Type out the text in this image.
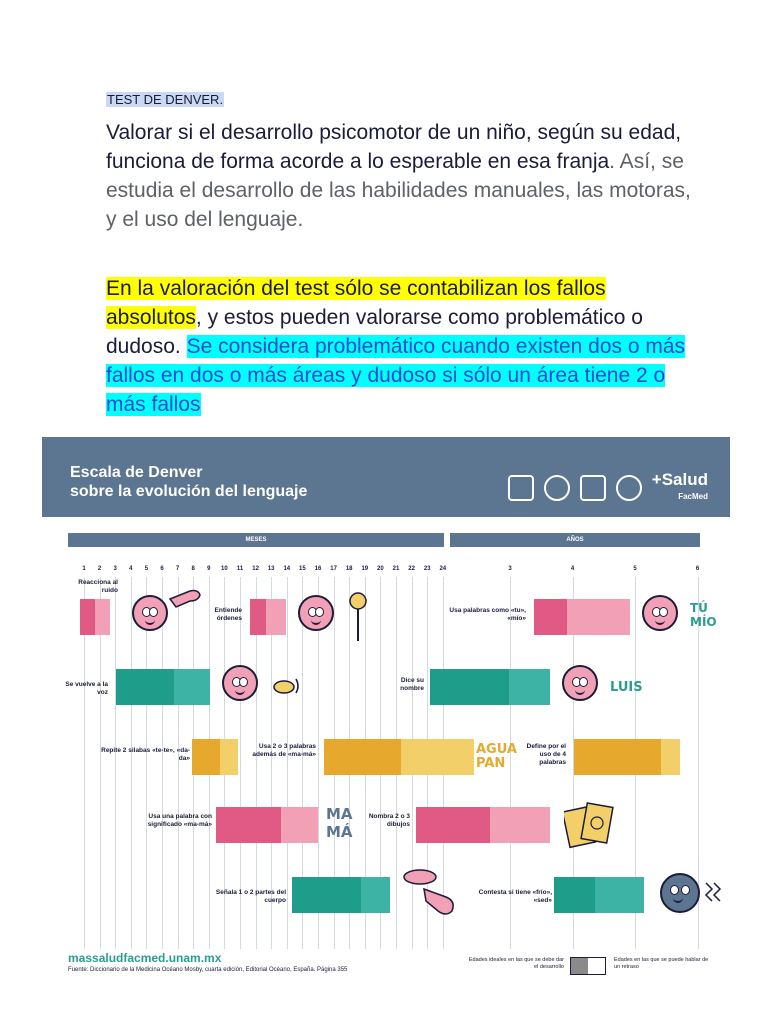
TEST DE DENVER.
Valorar si el desarrollo psicomotor de un niño, según su edad, funciona de forma acorde a lo esperable en esa franja. Así, se estudia el desarrollo de las habilidades manuales, las motoras, y el uso del lenguaje.
En la valoración del test sólo se contabilizan los fallos absolutos, y estos pueden valorarse como problemático o dudoso. Se considera problemático cuando existen dos o más fallos en dos o más áreas y dudoso si sólo un área tiene 2 o más fallos
Escala de Denver
sobre la evolución del lenguaje
+Salud
FacMed
MESES	AÑOS
1	2	3	4	5	6	7	8	9	10	11	12	13	14	15	16	17	18	19	20	21	22	23	24	3	4	5	6
Reacciona al ruido
Entiende órdenes
Usa palabras como «tu», «mío»
TÚ
MÍO
Se vuelve a la voz
Dice su nombre	LUIS
Repite 2 silabas «te-te», «da-da»
Usa 2 o 3 palabras además de «ma-má»	AGUA
PAN
Define por el uso de 4 palabras
Usa una palabra con significado «ma-má»
MA
MÁ
Nombra 2 o 3 dibujos
Señala 1 o 2 partes del cuerpo
Contesta si tiene «frío», «sed»
massaludfacmed.unam.mx
Fuente: Diccionario de la Medicina Océano Mosby, cuarta edición, Editorial Océano, España. Página 355
Edades ideales en las que se debe dar el desarrollo
Edades en las que se puede hablar de un retraso
